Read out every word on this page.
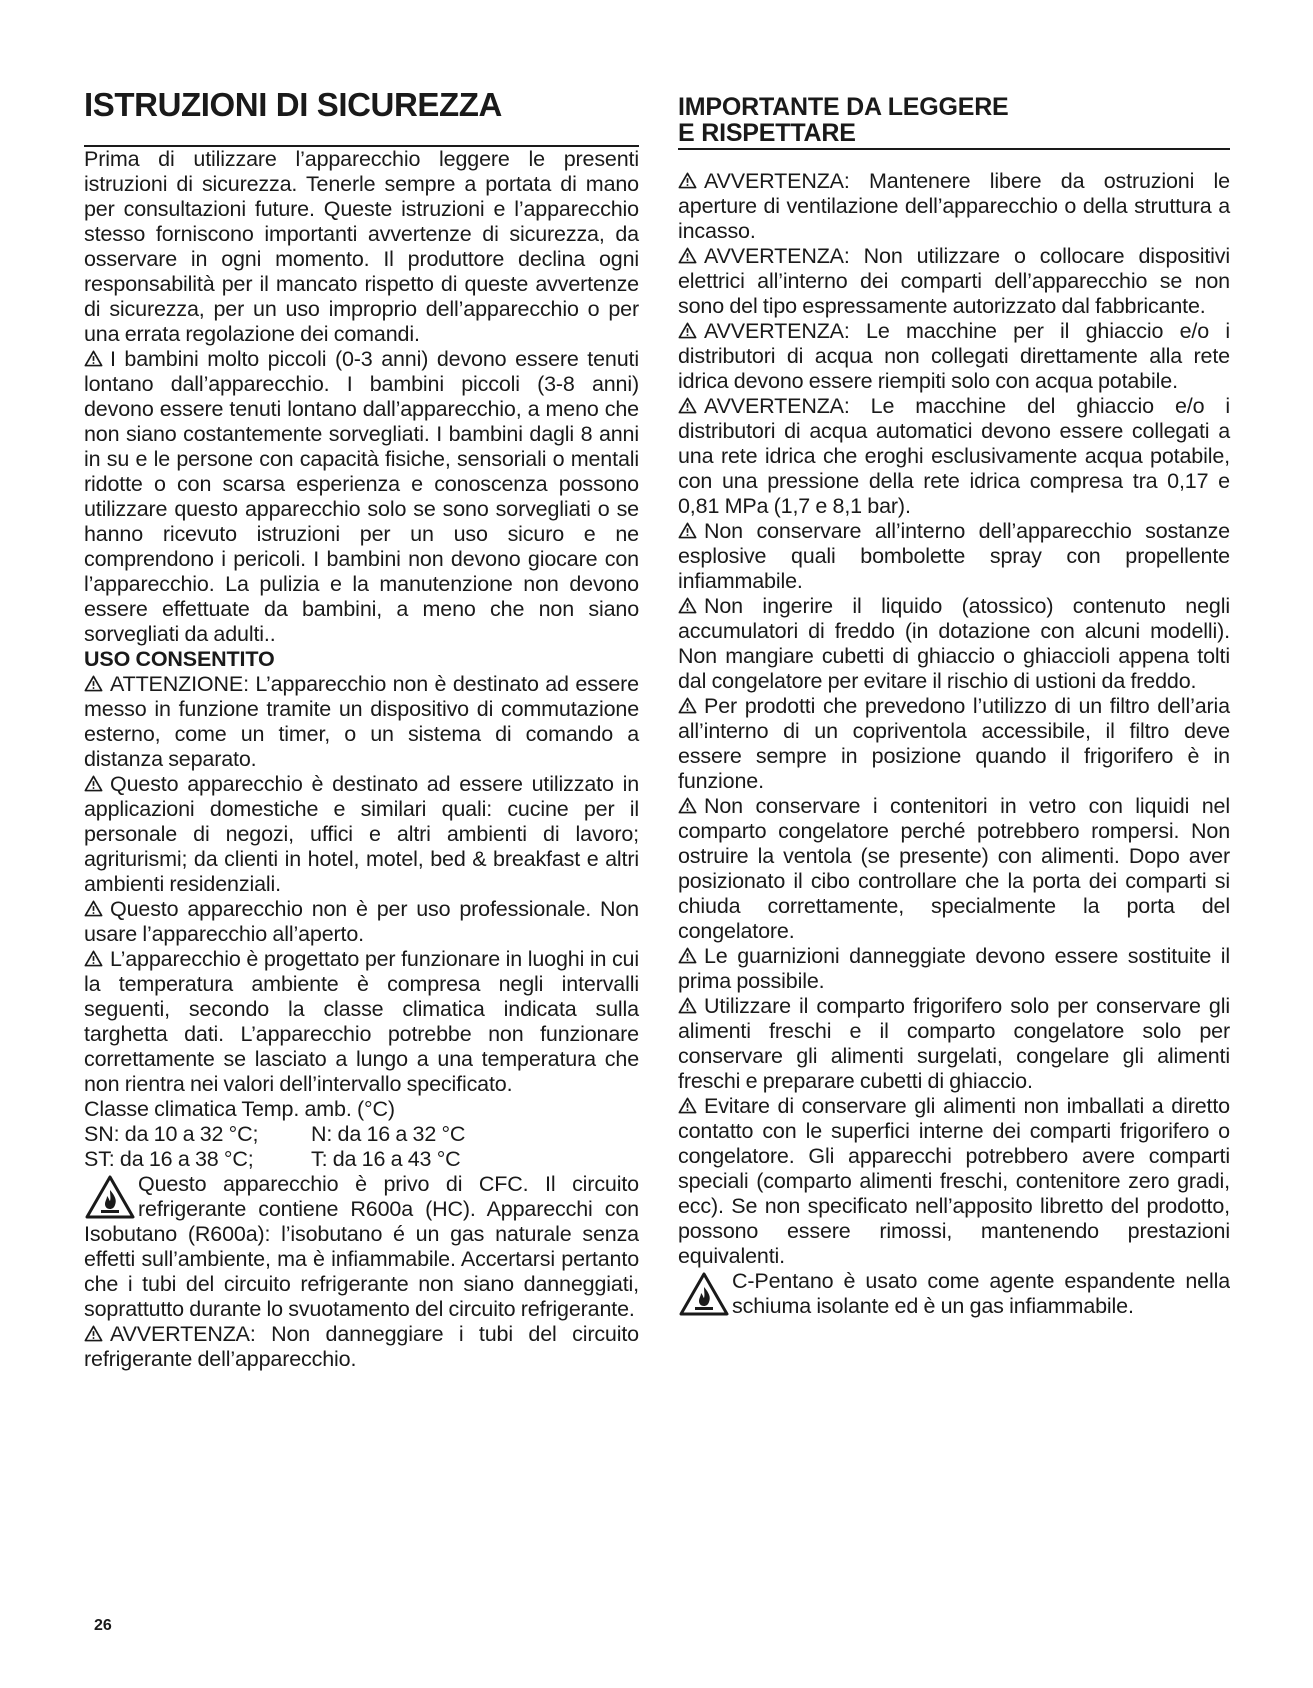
ISTRUZIONI DI SICUREZZA

Prima di utilizzare l’apparecchio leggere le presenti istruzioni di sicurezza. Tenerle sempre a portata di mano per consultazioni future. Queste istruzioni e l’apparecchio stesso forniscono importanti avvertenze di sicurezza, da osservare in ogni momento. Il produttore declina ogni responsabilità per il mancato rispetto di queste avvertenze di sicurezza, per un uso improprio dell’apparecchio o per una errata regolazione dei comandi.

I bambini molto piccoli (0-3 anni) devono essere tenuti lontano dall’apparecchio. I bambini piccoli (3-8 anni) devono essere tenuti lontano dall’apparecchio, a meno che non siano costantemente sorvegliati. I bambini dagli 8 anni in su e le persone con capacità fisiche, sensoriali o mentali ridotte o con scarsa esperienza e conoscenza possono utilizzare questo apparecchio solo se sono sorvegliati o se hanno ricevuto istruzioni per un uso sicuro e ne comprendono i pericoli. I bambini non devono giocare con l’apparecchio. La pulizia e la manutenzione non devono essere effettuate da bambini, a meno che non siano sorvegliati da adulti..

USO CONSENTITO

ATTENZIONE: L’apparecchio non è destinato ad essere messo in funzione tramite un dispositivo di commutazione esterno, come un timer, o un sistema di comando a distanza separato.

Questo apparecchio è destinato ad essere utilizzato in applicazioni domestiche e similari quali: cucine per il personale di negozi, uffici e altri ambienti di lavoro; agriturismi; da clienti in hotel, motel, bed & breakfast e altri ambienti residenziali.

Questo apparecchio non è per uso professionale. Non usare l’apparecchio all’aperto.

L’apparecchio è progettato per funzionare in luoghi in cui la temperatura ambiente è compresa negli intervalli seguenti, secondo la classe climatica indicata sulla targhetta dati. L’apparecchio potrebbe non funzionare correttamente se lasciato a lungo a una temperatura che non rientra nei valori dell’intervallo specificato.

Classe climatica Temp. amb. (°C)
SN: da 10 a 32 °C;	N: da 16 a 32 °C
ST: da 16 a 38 °C;	T: da 16 a 43 °C

Questo apparecchio è privo di CFC. Il circuito refrigerante contiene R600a (HC). Apparecchi con Isobutano (R600a): l’isobutano é un gas naturale senza effetti sull’ambiente, ma è infiammabile. Accertarsi pertanto che i tubi del circuito refrigerante non siano danneggiati, soprattutto durante lo svuotamento del circuito refrigerante.

AVVERTENZA: Non danneggiare i tubi del circuito refrigerante dell’apparecchio.

IMPORTANTE DA LEGGERE
E RISPETTARE

AVVERTENZA: Mantenere libere da ostruzioni le aperture di ventilazione dell’apparecchio o della struttura a incasso.

AVVERTENZA: Non utilizzare o collocare dispositivi elettrici all’interno dei comparti dell’apparecchio se non sono del tipo espressamente autorizzato dal fabbricante.

AVVERTENZA: Le macchine per il ghiaccio e/o i distributori di acqua non collegati direttamente alla rete idrica devono essere riempiti solo con acqua potabile.

AVVERTENZA: Le macchine del ghiaccio e/o i distributori di acqua automatici devono essere collegati a una rete idrica che eroghi esclusivamente acqua potabile, con una pressione della rete idrica compresa tra 0,17 e 0,81 MPa (1,7 e 8,1 bar).

Non conservare all’interno dell’apparecchio sostanze esplosive quali bombolette spray con propellente infiammabile.

Non ingerire il liquido (atossico) contenuto negli accumulatori di freddo (in dotazione con alcuni modelli). Non mangiare cubetti di ghiaccio o ghiaccioli appena tolti dal congelatore per evitare il rischio di ustioni da freddo.

Per prodotti che prevedono l’utilizzo di un filtro dell’aria all’interno di un copriventola accessibile, il filtro deve essere sempre in posizione quando il frigorifero è in funzione.

Non conservare i contenitori in vetro con liquidi nel comparto congelatore perché potrebbero rompersi. Non ostruire la ventola (se presente) con alimenti. Dopo aver posizionato il cibo controllare che la porta dei comparti si chiuda correttamente, specialmente la porta del congelatore.

Le guarnizioni danneggiate devono essere sostituite il prima possibile.

Utilizzare il comparto frigorifero solo per conservare gli alimenti freschi e il comparto congelatore solo per conservare gli alimenti surgelati, congelare gli alimenti freschi e preparare cubetti di ghiaccio.

Evitare di conservare gli alimenti non imballati a diretto contatto con le superfici interne dei comparti frigorifero o congelatore. Gli apparecchi potrebbero avere comparti speciali (comparto alimenti freschi, contenitore zero gradi, ecc). Se non specificato nell’apposito libretto del prodotto, possono essere rimossi, mantenendo prestazioni equivalenti.

C-Pentano è usato come agente espandente nella schiuma isolante ed è un gas infiammabile.

26
